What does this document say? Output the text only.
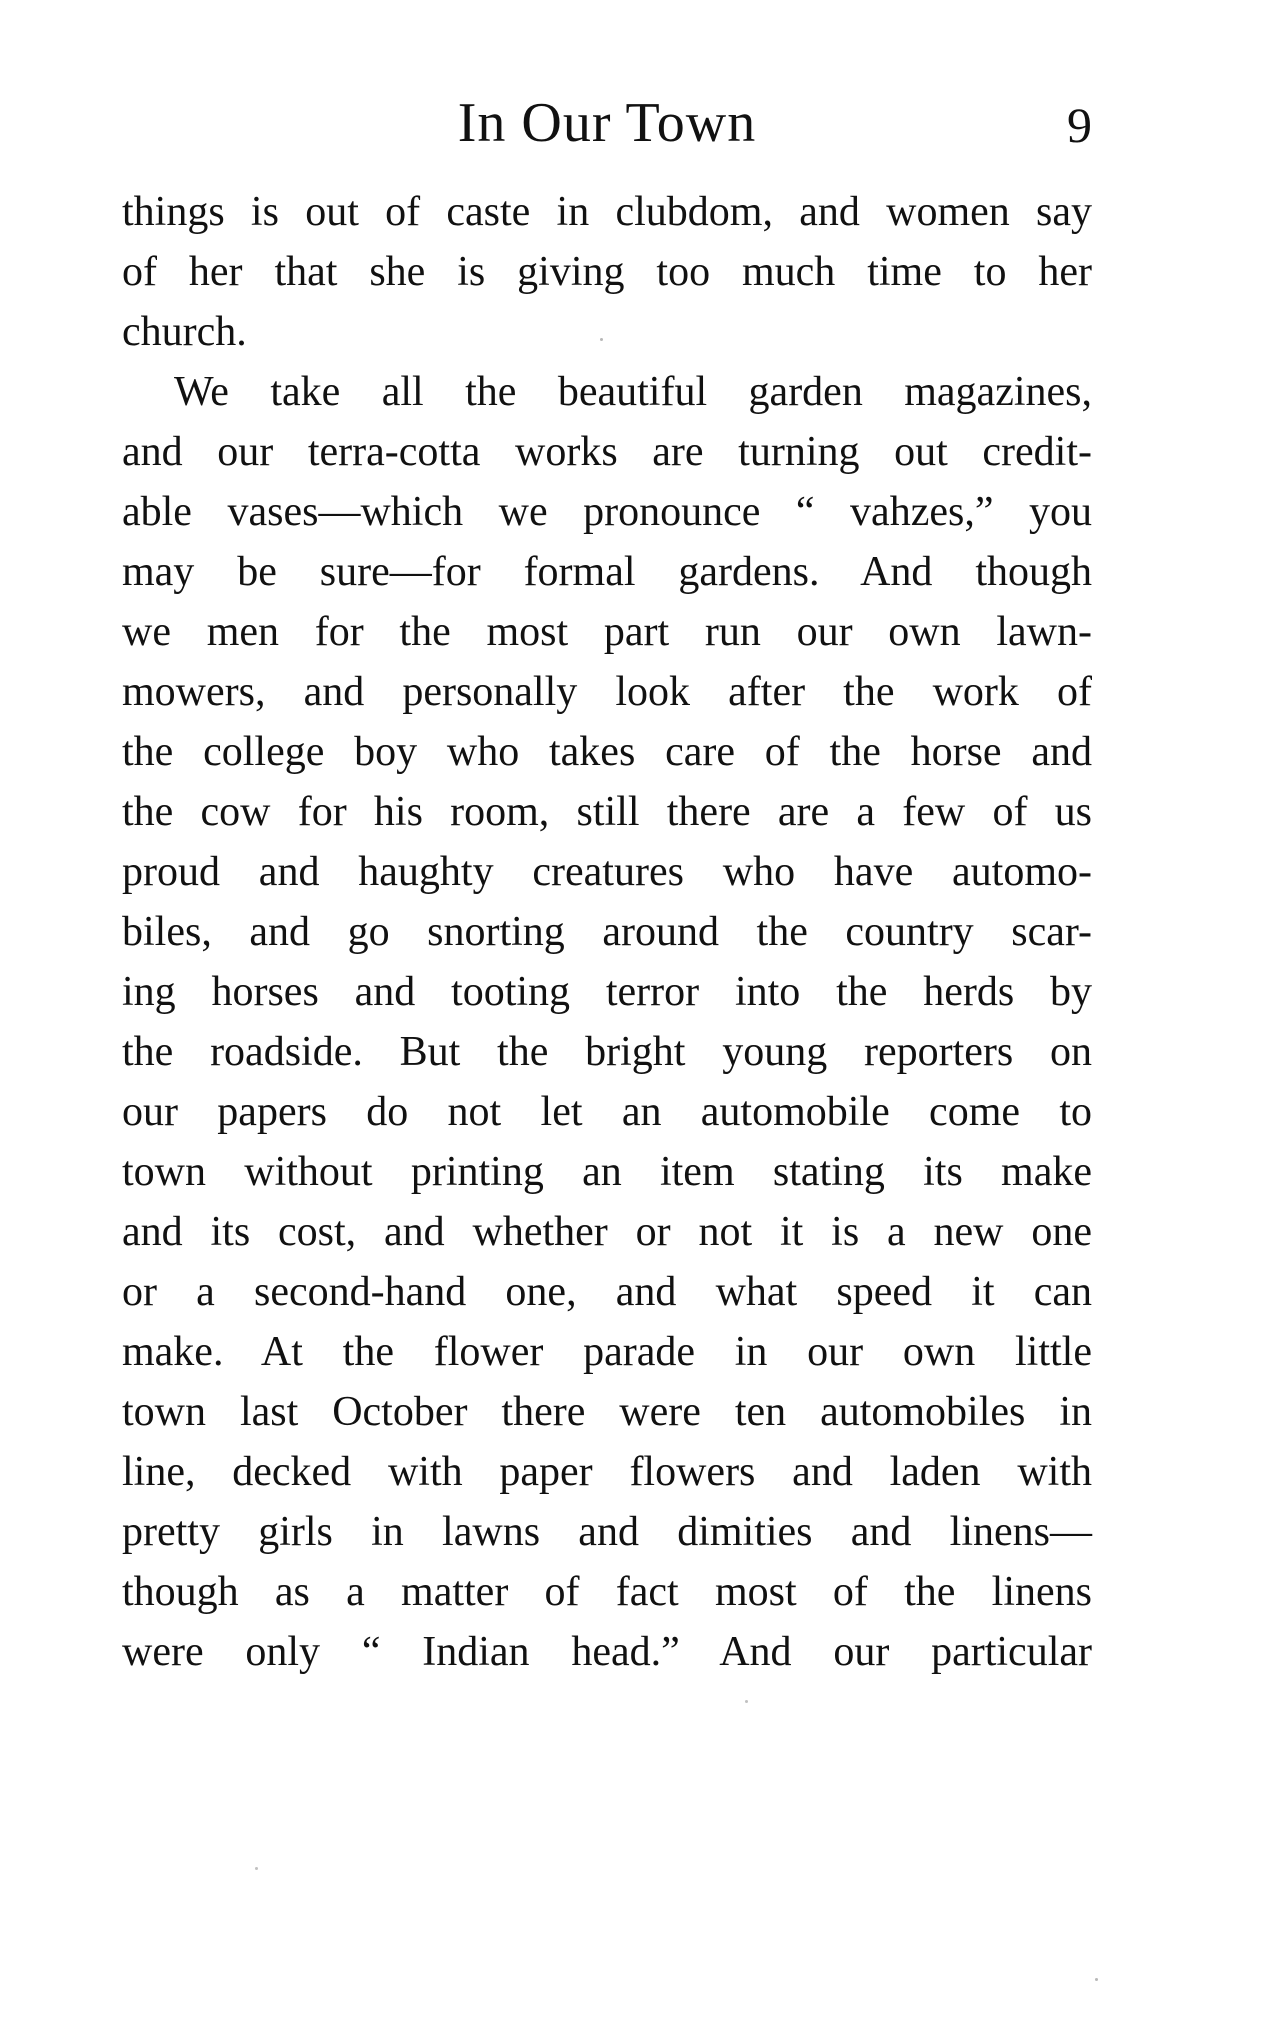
In Our Town	9
things is out of caste in clubdom, and women say
of her that she is giving too much time to her
church.
We take all the beautiful garden magazines,
and our terra-cotta works are turning out credit-
able vases—which we pronounce “ vahzes,” you
may be sure—for formal gardens. And though
we men for the most part run our own lawn-
mowers, and personally look after the work of
the college boy who takes care of the horse and
the cow for his room, still there are a few of us
proud and haughty creatures who have automo-
biles, and go snorting around the country scar-
ing horses and tooting terror into the herds by
the roadside. But the bright young reporters on
our papers do not let an automobile come to
town without printing an item stating its make
and its cost, and whether or not it is a new one
or a second-hand one, and what speed it can
make. At the flower parade in our own little
town last October there were ten automobiles in
line, decked with paper flowers and laden with
pretty girls in lawns and dimities and linens—
though as a matter of fact most of the linens
were only “ Indian head.” And our particular
